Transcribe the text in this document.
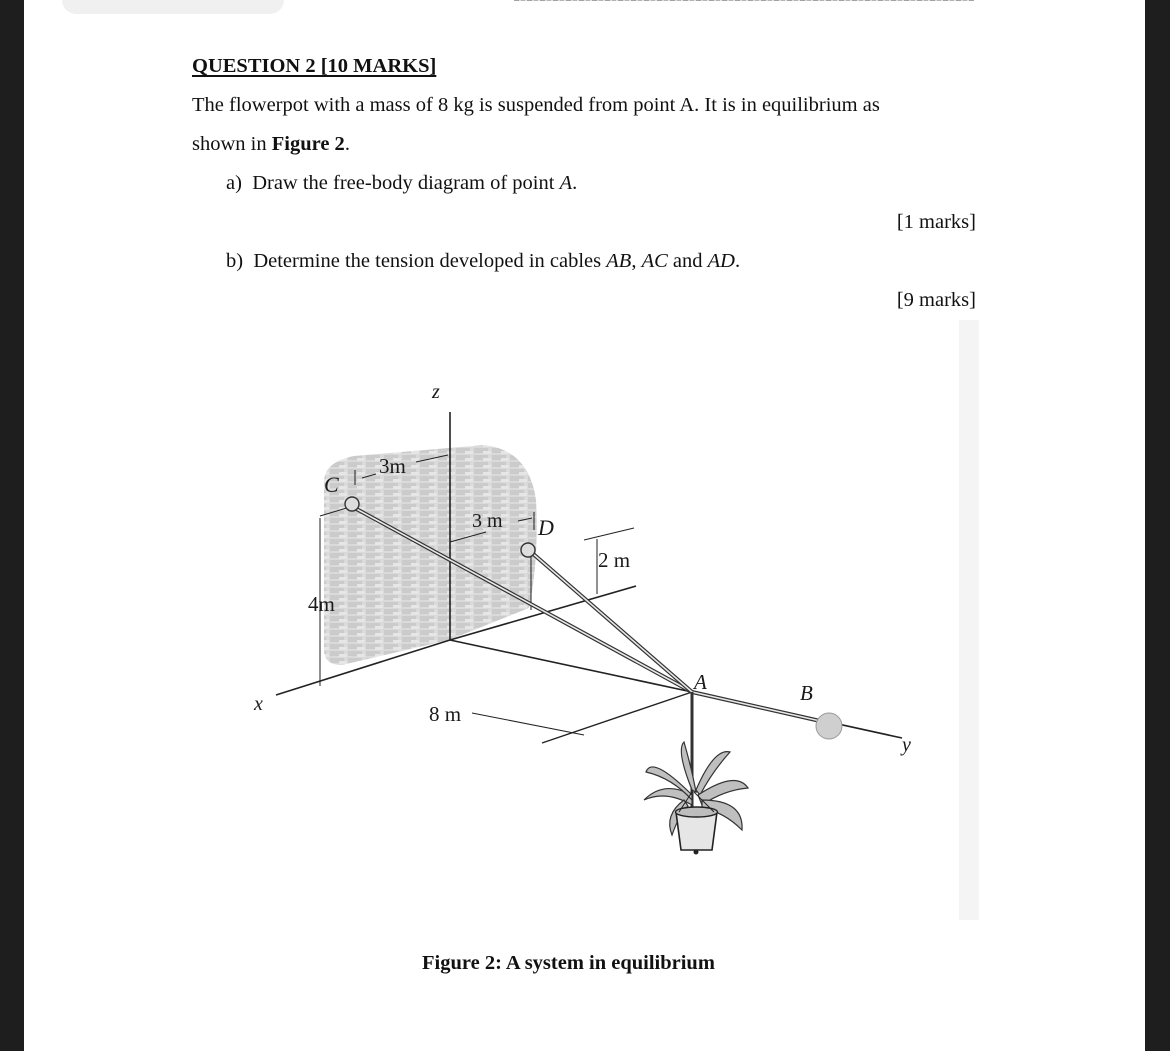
QUESTION 2 [10 MARKS]
The flowerpot with a mass of 8 kg is suspended from point A. It is in equilibrium as
shown in Figure 2.
a) Draw the free-body diagram of point A.
[1 marks]
b) Determine the tension developed in cables AB, AC and AD.
[9 marks]
z
x
y
C
D
A	B
3m
3 m
2 m
4m
8 m
Figure 2: A system in equilibrium
